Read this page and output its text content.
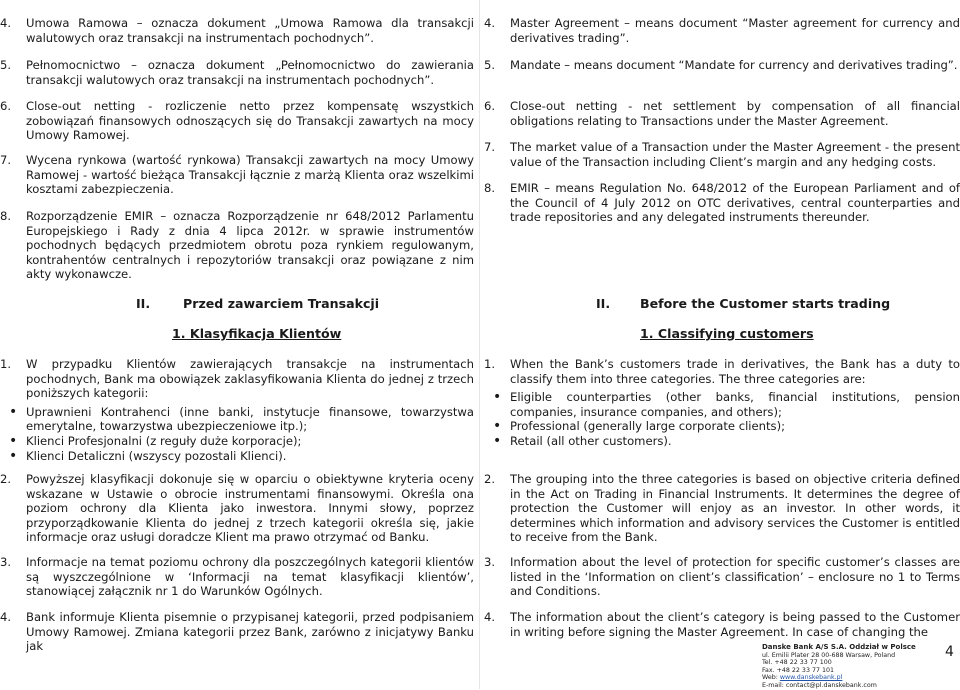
4. Umowa Ramowa – oznacza dokument „Umowa Ramowa dla transakcji walutowych oraz transakcji na instrumentach pochodnych”.
5. Pełnomocnictwo – oznacza dokument „Pełnomocnictwo do zawierania transakcji walutowych oraz transakcji na instrumentach pochodnych”.
6. Close-out netting - rozliczenie netto przez kompensatę wszystkich zobowiązań finansowych odnoszących się do Transakcji zawartych na mocy Umowy Ramowej.
7. Wycena rynkowa (wartość rynkowa) Transakcji zawartych na mocy Umowy Ramowej - wartość bieżąca Transakcji łącznie z marżą Klienta oraz wszelkimi kosztami zabezpieczenia.
8. Rozporządzenie EMIR – oznacza Rozporządzenie nr 648/2012 Parlamentu Europejskiego i Rady z dnia 4 lipca 2012r. w sprawie instrumentów pochodnych będących przedmiotem obrotu poza rynkiem regulowanym, kontrahentów centralnych i repozytoriów transakcji oraz powiązane z nim akty wykonawcze.
II.	Przed zawarciem Transakcji
1. Klasyfikacja Klientów
1. W przypadku Klientów zawierających transakcje na instrumentach pochodnych, Bank ma obowiązek zaklasyfikowania Klienta do jednej z trzech poniższych kategorii:
• Uprawnieni Kontrahenci (inne banki, instytucje finansowe, towarzystwa emerytalne, towarzystwa ubezpieczeniowe itp.);
• Klienci Profesjonalni (z reguły duże korporacje);
• Klienci Detaliczni (wszyscy pozostali Klienci).
2. Powyższej klasyfikacji dokonuje się w oparciu o obiektywne kryteria oceny wskazane w Ustawie o obrocie instrumentami finansowymi. Określa ona poziom ochrony dla Klienta jako inwestora. Innymi słowy, poprzez przyporządkowanie Klienta do jednej z trzech kategorii określa się, jakie informacje oraz usługi doradcze Klient ma prawo otrzymać od Banku.
3. Informacje na temat poziomu ochrony dla poszczególnych kategorii klientów są wyszczególnione w ‘Informacji na temat klasyfikacji klientów’, stanowiącej załącznik nr 1 do Warunków Ogólnych.
4. Bank informuje Klienta pisemnie o przypisanej kategorii, przed podpisaniem Umowy Ramowej. Zmiana kategorii przez Bank, zarówno z inicjatywy Banku jak
4. Master Agreement – means document “Master agreement for currency and derivatives trading”.
5. Mandate – means document “Mandate for currency and derivatives trading”.
6. Close-out netting - net settlement by compensation of all financial obligations relating to Transactions under the Master Agreement.
7. The market value of a Transaction under the Master Agreement - the present value of the Transaction including Client’s margin and any hedging costs.
8. EMIR – means Regulation No. 648/2012 of the European Parliament and of the Council of 4 July 2012 on OTC derivatives, central counterparties and trade repositories and any delegated instruments thereunder.
II. Before the Customer starts trading
1. Classifying customers
1. When the Bank’s customers trade in derivatives, the Bank has a duty to classify them into three categories. The three categories are:
• Eligible counterparties (other banks, financial institutions, pension companies, insurance companies, and others);
• Professional (generally large corporate clients);
• Retail (all other customers).
2. The grouping into the three categories is based on objective criteria defined in the Act on Trading in Financial Instruments. It determines the degree of protection the Customer will enjoy as an investor. In other words, it determines which information and advisory services the Customer is entitled to receive from the Bank.
3. Information about the level of protection for specific customer’s classes are listed in the ‘Information on client’s classification’ – enclosure no 1 to Terms and Conditions.
4. The information about the client’s category is being passed to the Customer in writing before signing the Master Agreement. In case of changing the
Danske Bank A/S S.A. Oddział w Polsce
ul. Emilii Plater 28 00-688 Warsaw, Poland
Tel. +48 22 33 77 100
Fax. +48 22 33 77 101
Web: www.danskebank.pl
E-mail: contact@pl.danskebank.com
4
